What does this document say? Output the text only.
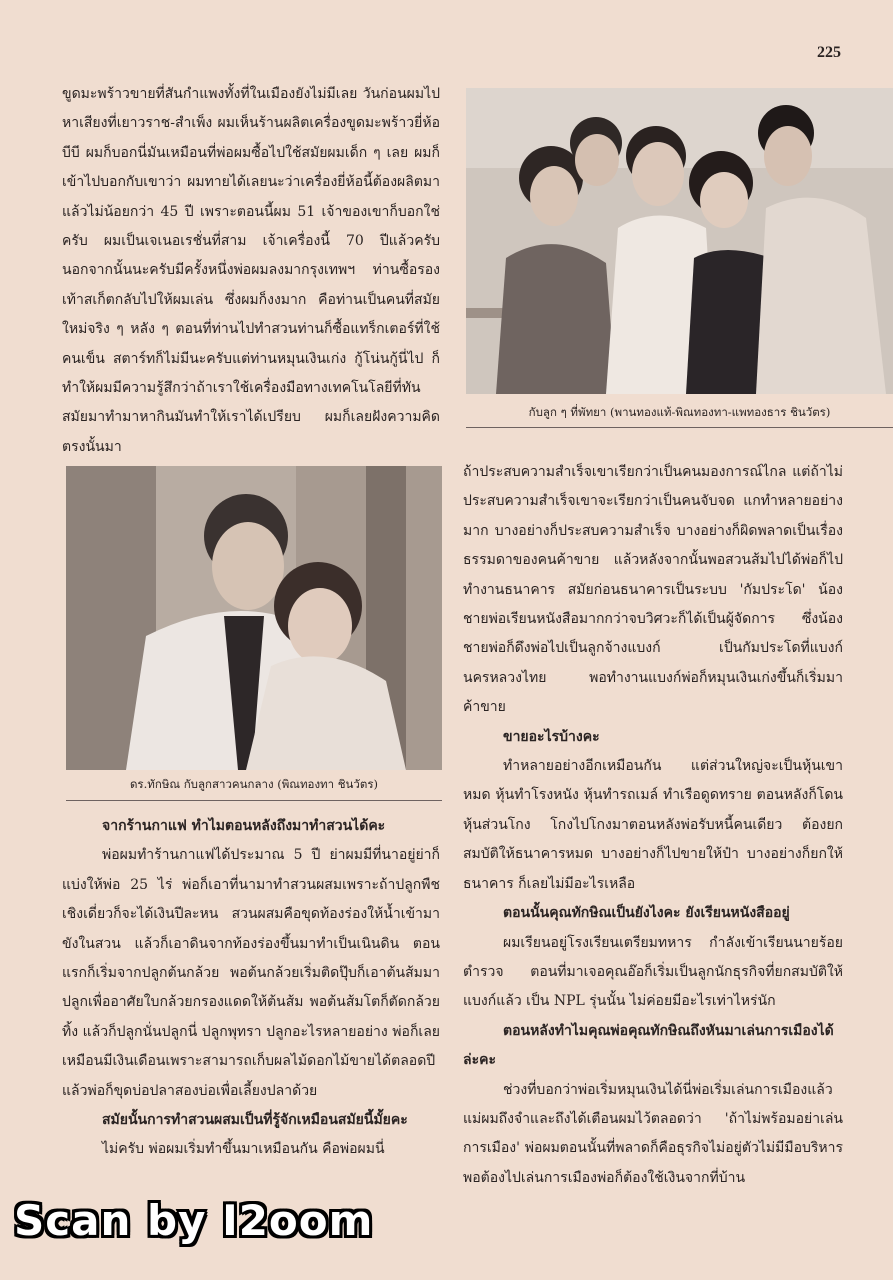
225

ขูดมะพร้าวขายที่สันกำแพงทั้งที่ในเมืองยังไม่มีเลย วันก่อนผมไปหาเสียงที่เยาวราช-สำเพ็ง ผมเห็นร้านผลิตเครื่องขูดมะพร้าวยี่ห้อบีบี ผมก็บอกนี่มันเหมือนที่พ่อผมซื้อไปใช้สมัยผมเด็ก ๆ เลย ผมก็เข้าไปบอกกับเขาว่า ผมทายได้เลยนะว่าเครื่องยี่ห้อนี้ต้องผลิตมาแล้วไม่น้อยกว่า 45 ปี เพราะตอนนี้ผม 51 เจ้าของเขาก็บอกใช่ครับ ผมเป็นเจเนอเรชั่นที่สาม เจ้าเครื่องนี้ 70 ปีแล้วครับ นอกจากนั้นนะครับมีครั้งหนึ่งพ่อผมลงมากรุงเทพฯ ท่านซื้อรองเท้าสเก็ตกลับไปให้ผมเล่น ซึ่งผมก็งงมาก คือท่านเป็นคนที่สมัยใหม่จริง ๆ หลัง ๆ ตอนที่ท่านไปทำสวนท่านก็ซื้อแทร็กเตอร์ที่ใช้คนเข็น สตาร์ทก็ไม่มีนะครับแต่ท่านหมุนเงินเก่ง กู้โน่นกู้นี่ไป ก็ทำให้ผมมีความรู้สึกว่าถ้าเราใช้เครื่องมือทางเทคโนโลยีที่ทันสมัยมาทำมาหากินมันทำให้เราได้เปรียบ ผมก็เลยฝังความคิดตรงนั้นมา

ดร.ทักษิณ กับลูกสาวคนกลาง (พิณทองทา ชินวัตร)

จากร้านกาแฟ ทำไมตอนหลังถึงมาทำสวนได้คะ

พ่อผมทำร้านกาแฟได้ประมาณ 5 ปี ย่าผมมีที่นาอยู่ย่าก็แบ่งให้พ่อ 25 ไร่ พ่อก็เอาที่นามาทำสวนผสมเพราะถ้าปลูกพืชเชิงเดี่ยวก็จะได้เงินปีละหน สวนผสมคือขุดท้องร่องให้น้ำเข้ามาขังในสวน แล้วก็เอาดินจากท้องร่องขึ้นมาทำเป็นเนินดิน ตอนแรกก็เริ่มจากปลูกต้นกล้วย พอต้นกล้วยเริ่มติดปุ๊บก็เอาต้นส้มมาปลูกเพื่ออาศัยใบกล้วยกรองแดดให้ต้นส้ม พอต้นส้มโตก็ตัดกล้วยทิ้ง แล้วก็ปลูกนั่นปลูกนี่ ปลูกพุทรา ปลูกอะไรหลายอย่าง พ่อก็เลยเหมือนมีเงินเดือนเพราะสามารถเก็บผลไม้ดอกไม้ขายได้ตลอดปี แล้วพ่อก็ขุดบ่อปลาสองบ่อเพื่อเลี้ยงปลาด้วย

สมัยนั้นการทำสวนผสมเป็นที่รู้จักเหมือนสมัยนี้มั้ยคะ

ไม่ครับ พ่อผมเริ่มทำขึ้นมาเหมือนกัน คือพ่อผมนี่

กับลูก ๆ ที่พัทยา (พานทองแท้-พิณทองทา-แพทองธาร ชินวัตร)

ถ้าประสบความสำเร็จเขาเรียกว่าเป็นคนมองการณ์ไกล แต่ถ้าไม่ประสบความสำเร็จเขาจะเรียกว่าเป็นคนจับจด แกทำหลายอย่างมาก บางอย่างก็ประสบความสำเร็จ บางอย่างก็ผิดพลาดเป็นเรื่องธรรมดาของคนค้าขาย แล้วหลังจากนั้นพอสวนส้มไปได้พ่อก็ไปทำงานธนาคาร สมัยก่อนธนาคารเป็นระบบ 'กัมประโด' น้องชายพ่อเรียนหนังสือมากกว่าจบวิศวะก็ได้เป็นผู้จัดการ ซึ่งน้องชายพ่อก็ดึงพ่อไปเป็นลูกจ้างแบงก์ เป็นกัมประโดที่แบงก์นครหลวงไทย พอทำงานแบงก์พ่อก็หมุนเงินเก่งขึ้นก็เริ่มมาค้าขาย

ขายอะไรบ้างคะ

ทำหลายอย่างอีกเหมือนกัน แต่ส่วนใหญ่จะเป็นหุ้นเขาหมด หุ้นทำโรงหนัง หุ้นทำรถเมล์ ทำเรือดูดทราย ตอนหลังก็โดนหุ้นส่วนโกง โกงไปโกงมาตอนหลังพ่อรับหนี้คนเดียว ต้องยกสมบัติให้ธนาคารหมด บางอย่างก็ไปขายให้ป๋า บางอย่างก็ยกให้ธนาคาร ก็เลยไม่มีอะไรเหลือ

ตอนนั้นคุณทักษิณเป็นยังไงคะ ยังเรียนหนังสืออยู่

ผมเรียนอยู่โรงเรียนเตรียมทหาร กำลังเข้าเรียนนายร้อยตำรวจ ตอนที่มาเจอคุณอ๊อก็เริ่มเป็นลูกนักธุรกิจที่ยกสมบัติให้แบงก์แล้ว เป็น NPL รุ่นนั้น ไม่ค่อยมีอะไรเท่าไหร่นัก

ตอนหลังทำไมคุณพ่อคุณทักษิณถึงหันมาเล่นการเมืองได้ล่ะคะ

ช่วงที่บอกว่าพ่อเริ่มหมุนเงินได้นี่พ่อเริ่มเล่นการเมืองแล้ว แม่ผมถึงจำและถึงได้เตือนผมไว้ตลอดว่า 'ถ้าไม่พร้อมอย่าเล่นการเมือง' พ่อผมตอนนั้นที่พลาดก็คือธุรกิจไม่อยู่ตัวไม่มีมือบริหาร พอต้องไปเล่นการเมืองพ่อก็ต้องใช้เงินจากที่บ้าน

Scan by I2oom
